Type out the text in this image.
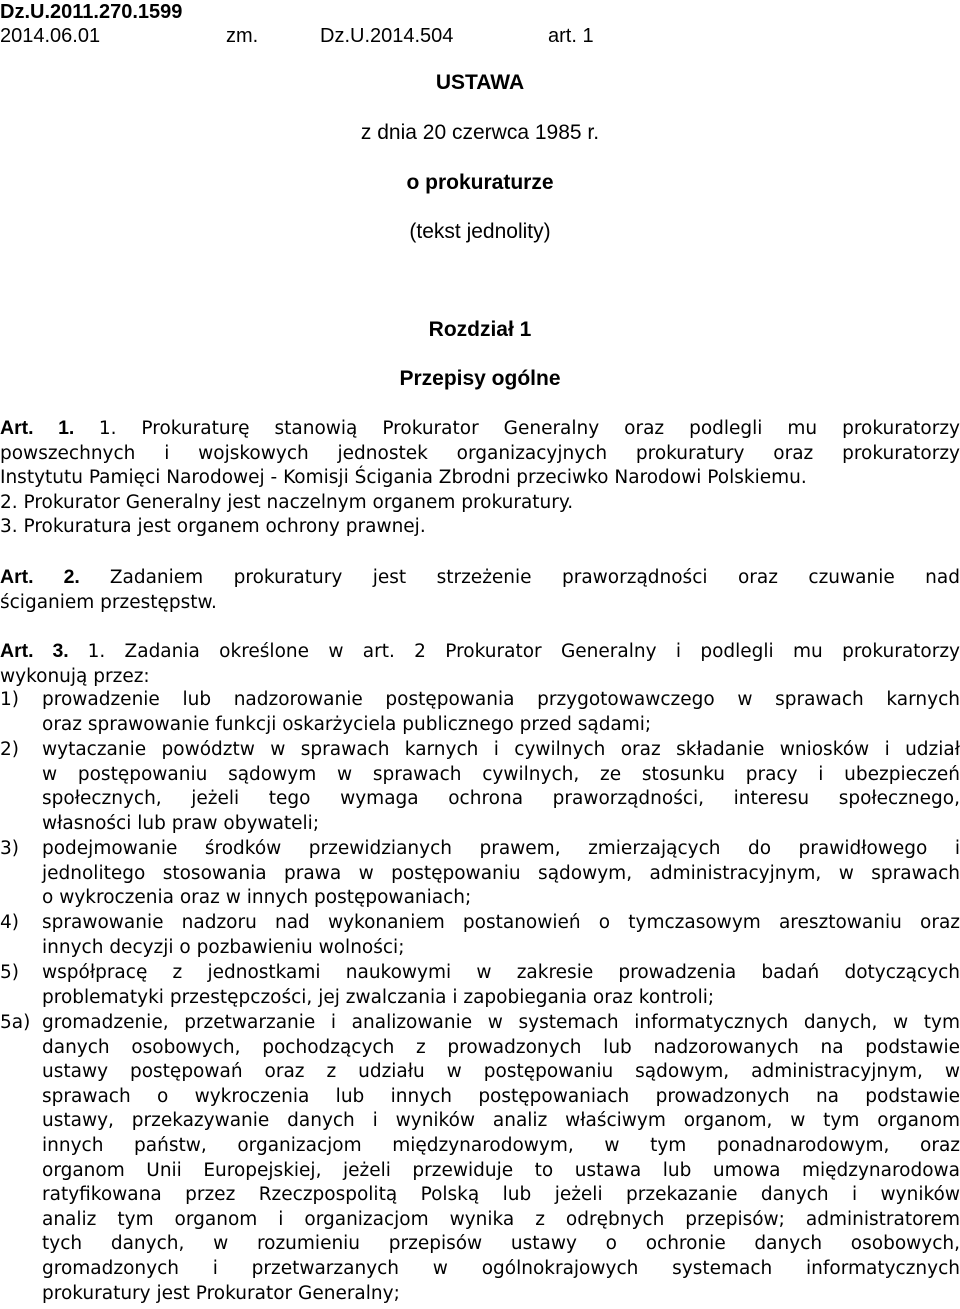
Dz.U.2011.270.1599
2014.06.01	zm.	Dz.U.2014.504	art. 1
USTAWA
z dnia 20 czerwca 1985 r.
o prokuraturze
(tekst jednolity)
Rozdział 1
Przepisy ogólne
Art. 1. 1. Prokuraturę stanowią Prokurator Generalny oraz podlegli mu prokuratorzy
powszechnych i wojskowych jednostek organizacyjnych prokuratury oraz prokuratorzy
Instytutu Pamięci Narodowej - Komisji Ścigania Zbrodni przeciwko Narodowi Polskiemu.
2. Prokurator Generalny jest naczelnym organem prokuratury.
3. Prokuratura jest organem ochrony prawnej.
Art. 2. Zadaniem prokuratury jest strzeżenie praworządności oraz czuwanie nad
ściganiem przestępstw.
Art. 3. 1. Zadania określone w art. 2 Prokurator Generalny i podlegli mu prokuratorzy
wykonują przez:
1) prowadzenie lub nadzorowanie postępowania przygotowawczego w sprawach karnych
oraz sprawowanie funkcji oskarżyciela publicznego przed sądami;
2) wytaczanie powództw w sprawach karnych i cywilnych oraz składanie wniosków i udział
w postępowaniu sądowym w sprawach cywilnych, ze stosunku pracy i ubezpieczeń
społecznych, jeżeli tego wymaga ochrona praworządności, interesu społecznego,
własności lub praw obywateli;
3) podejmowanie środków przewidzianych prawem, zmierzających do prawidłowego i
jednolitego stosowania prawa w postępowaniu sądowym, administracyjnym, w sprawach
o wykroczenia oraz w innych postępowaniach;
4) sprawowanie nadzoru nad wykonaniem postanowień o tymczasowym aresztowaniu oraz
innych decyzji o pozbawieniu wolności;
5) współpracę z jednostkami naukowymi w zakresie prowadzenia badań dotyczących
problematyki przestępczości, jej zwalczania i zapobiegania oraz kontroli;
5a) gromadzenie, przetwarzanie i analizowanie w systemach informatycznych danych, w tym
danych osobowych, pochodzących z prowadzonych lub nadzorowanych na podstawie
ustawy postępowań oraz z udziału w postępowaniu sądowym, administracyjnym, w
sprawach o wykroczenia lub innych postępowaniach prowadzonych na podstawie
ustawy, przekazywanie danych i wyników analiz właściwym organom, w tym organom
innych państw, organizacjom międzynarodowym, w tym ponadnarodowym, oraz
organom Unii Europejskiej, jeżeli przewiduje to ustawa lub umowa międzynarodowa
ratyfikowana przez Rzeczpospolitą Polską lub jeżeli przekazanie danych i wyników
analiz tym organom i organizacjom wynika z odrębnych przepisów; administratorem
tych danych, w rozumieniu przepisów ustawy o ochronie danych osobowych,
gromadzonych i przetwarzanych w ogólnokrajowych systemach informatycznych
prokuratury jest Prokurator Generalny;
